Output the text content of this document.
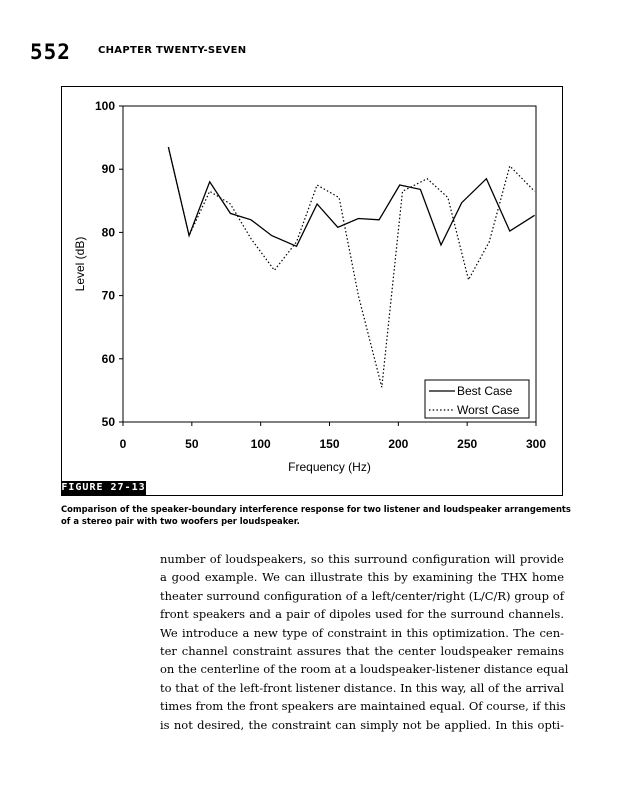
552	CHAPTER TWENTY-SEVEN
50
60
70
80
90
100
0	50	100	150	200	250	300
Frequency (Hz)
Level (dB)
Best Case
Worst Case
FIGURE 27-13
Comparison of the speaker-boundary interference response for two listener and loudspeaker arrangements of a stereo pair with two woofers per loudspeaker.
number of loudspeakers, so this surround configuration will provide
a good example. We can illustrate this by examining the THX home
theater surround configuration of a left/center/right (L/C/R) group of
front speakers and a pair of dipoles used for the surround channels.
We introduce a new type of constraint in this optimization. The cen-
ter channel constraint assures that the center loudspeaker remains
on the centerline of the room at a loudspeaker-listener distance equal
to that of the left-front listener distance. In this way, all of the arrival
times from the front speakers are maintained equal. Of course, if this
is not desired, the constraint can simply not be applied. In this opti-
